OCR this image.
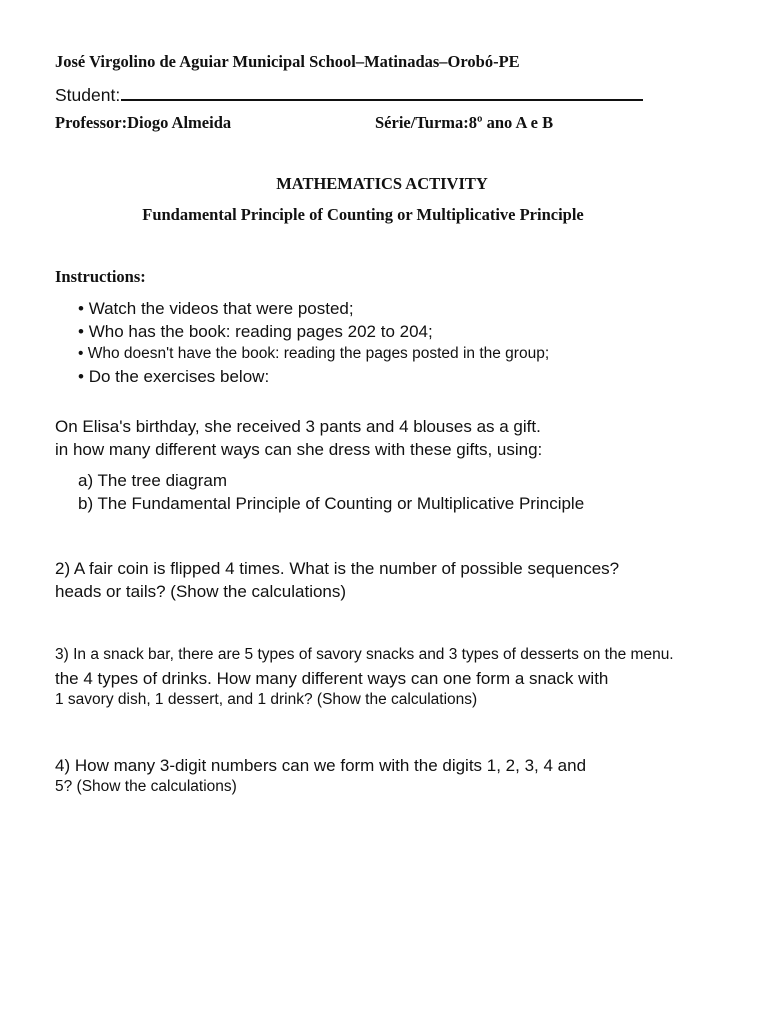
José Virgolino de Aguiar Municipal School–Matinadas–Orobó-PE
Student:
Professor:Diogo Almeida	Série/Turma:8º ano A e B
MATHEMATICS ACTIVITY
Fundamental Principle of Counting or Multiplicative Principle
Instructions:
• Watch the videos that were posted;
• Who has the book: reading pages 202 to 204;
• Who doesn't have the book: reading the pages posted in the group;
• Do the exercises below:
On Elisa's birthday, she received 3 pants and 4 blouses as a gift.
in how many different ways can she dress with these gifts, using:
a) The tree diagram
b) The Fundamental Principle of Counting or Multiplicative Principle
2) A fair coin is flipped 4 times. What is the number of possible sequences?
heads or tails? (Show the calculations)
3) In a snack bar, there are 5 types of savory snacks and 3 types of desserts on the menu.
the 4 types of drinks. How many different ways can one form a snack with
1 savory dish, 1 dessert, and 1 drink? (Show the calculations)
4) How many 3-digit numbers can we form with the digits 1, 2, 3, 4 and
5? (Show the calculations)
